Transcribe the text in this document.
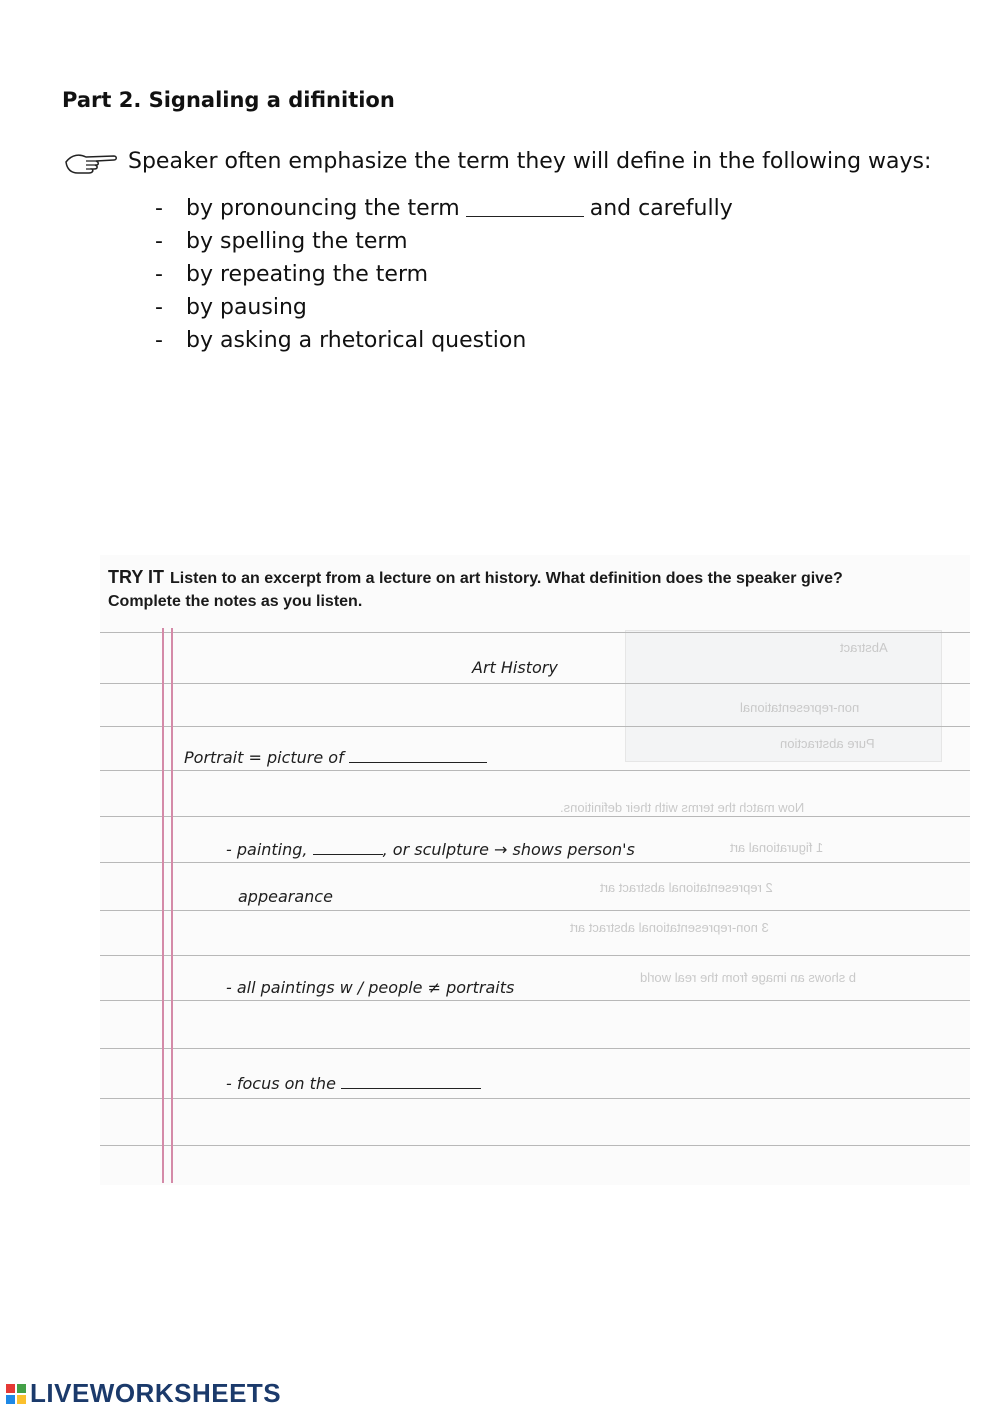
Part 2. Signaling a difinition
Speaker often emphasize the term they will define in the following ways:
-	by pronouncing the term	and carefully
-	by spelling the term
-	by repeating the term
-	by pausing
-	by asking a rhetorical question
Abstract
non-representational
Pure abstraction
Now match the terms with their definitions.
1 figurational art
2 representational abstract art
3 non-representational abstract art
b shows an image from the real world
TRY IT Listen to an excerpt from a lecture on art history. What definition does the speaker give? Complete the notes as you listen.
Art History
Portrait = picture of
- painting,	, or sculpture → shows person's
appearance
- all paintings w / people ≠ portraits
- focus on the
LIVEWORKSHEETS
